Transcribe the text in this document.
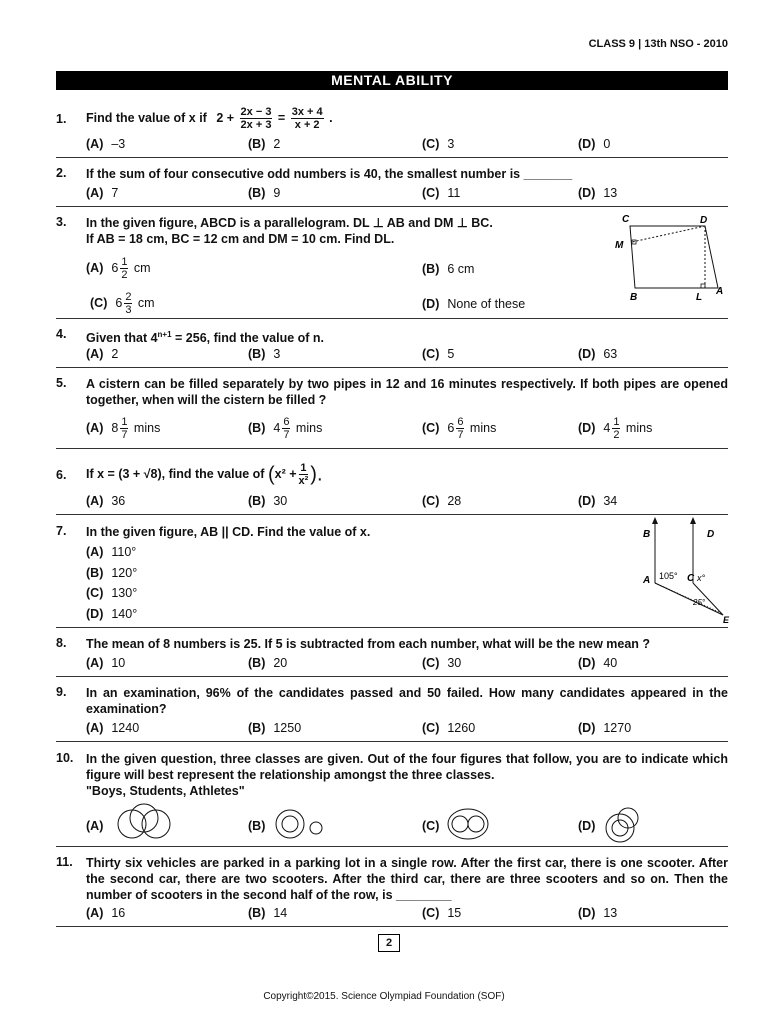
CLASS 9 | 13th NSO - 2010
MENTAL ABILITY
1. Find the value of x if $2 + \frac{2x - 3}{2x + 3} = \frac{3x + 4}{x + 2}$ .
(A) –3	(B) 2	(C) 3	(D) 0
2. If the sum of four consecutive odd numbers is 40, the smallest number is _______
(A) 7	(B) 9	(C) 11	(D) 13
3. In the given figure, ABCD is a parallelogram. DL ⊥ AB and DM ⊥ BC.
If AB = 18 cm, BC = 12 cm and DM = 10 cm. Find DL.
(A) $6 \frac{1}{2}$ cm	(B) 6 cm
(C) $6 \frac{2}{3}$ cm	(D) None of these
C	D
M
B	L
A
4. Given that $4^{n+1} = 256$, find the value of n.
(A) 2	(B) 3	(C) 5	(D) 63
5. A cistern can be filled separately by two pipes in 12 and 16 minutes respectively. If both pipes are opened together, when will the cistern be filled ?
(A) $8 \frac{1}{7}$ mins	(B) $4 \frac{6}{7}$ mins	(C) $6 \frac{6}{7}$ mins	(D) $4 \frac{1}{2}$ mins
6. If x = (3 + √8), find the value of ($x^2 + \frac{1}{\text{x²}}$ ).
(A) 36	(B) 30	(C) 28	(D) 34
7. In the given figure, AB || CD. Find the value of x.
(A) 110°
(B) 120°
(C) 130°
(D) 140°
B	D
A	C
E
105° x°
25°
8. The mean of 8 numbers is 25. If 5 is subtracted from each number, what will be the new mean ?
(A) 10	(B) 20	(C) 30	(D) 40
9. In an examination, 96% of the candidates passed and 50 failed. How many candidates appeared in the examination?
(A) 1240	(B) 1250	(C) 1260	(D) 1270
10. In the given question, three classes are given. Out of the four figures that follow, you are to indicate which figure will best represent the relationship amongst the three classes.
"Boys, Students, Athletes"
(A)	(B)	(C)	(D)
11. Thirty six vehicles are parked in a parking lot in a single row. After the first car, there is one scooter. After the second car, there are two scooters. After the third car, there are three scooters and so on. Then the number of scooters in the second half of the row, is ________
(A) 16	(B) 14	(C) 15	(D) 13
2
Copyright©2015. Science Olympiad Foundation (SOF)
